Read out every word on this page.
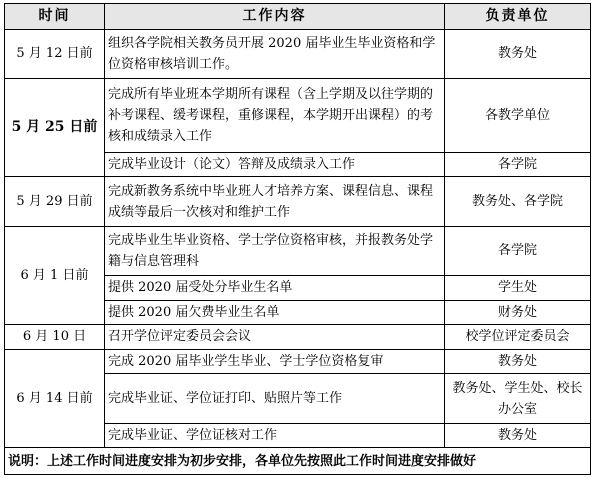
时间	工作内容	负责单位
5 月 12 日前	组织各学院相关教务员开展 2020 届毕业生毕业资格和学位资格审核培训工作。	教务处
5 月 25 日前	完成所有毕业班本学期所有课程（含上学期及以往学期的补考课程、缓考课程，重修课程，本学期开出课程）的考核和成绩录入工作	各教学单位
	完成毕业设计（论文）答辩及成绩录入工作	各学院
5 月 29 日前	完成新教务系统中毕业班人才培养方案、课程信息、课程成绩等最后一次核对和维护工作	教务处、各学院
6 月 1 日前	完成毕业生毕业资格、学士学位资格审核，并报教务处学籍与信息管理科	各学院
	提供 2020 届受处分毕业生名单	学生处
	提供 2020 届欠费毕业生名单	财务处
6 月 10 日	召开学位评定委员会会议	校学位评定委员会
6 月 14 日前	完成 2020 届毕业学生毕业、学士学位资格复审	教务处
	完成毕业证、学位证打印、贴照片等工作	教务处、学生处、校长办公室
	完成毕业证、学位证核对工作	教务处
说明：上述工作时间进度安排为初步安排，各单位先按照此工作时间进度安排做好		
